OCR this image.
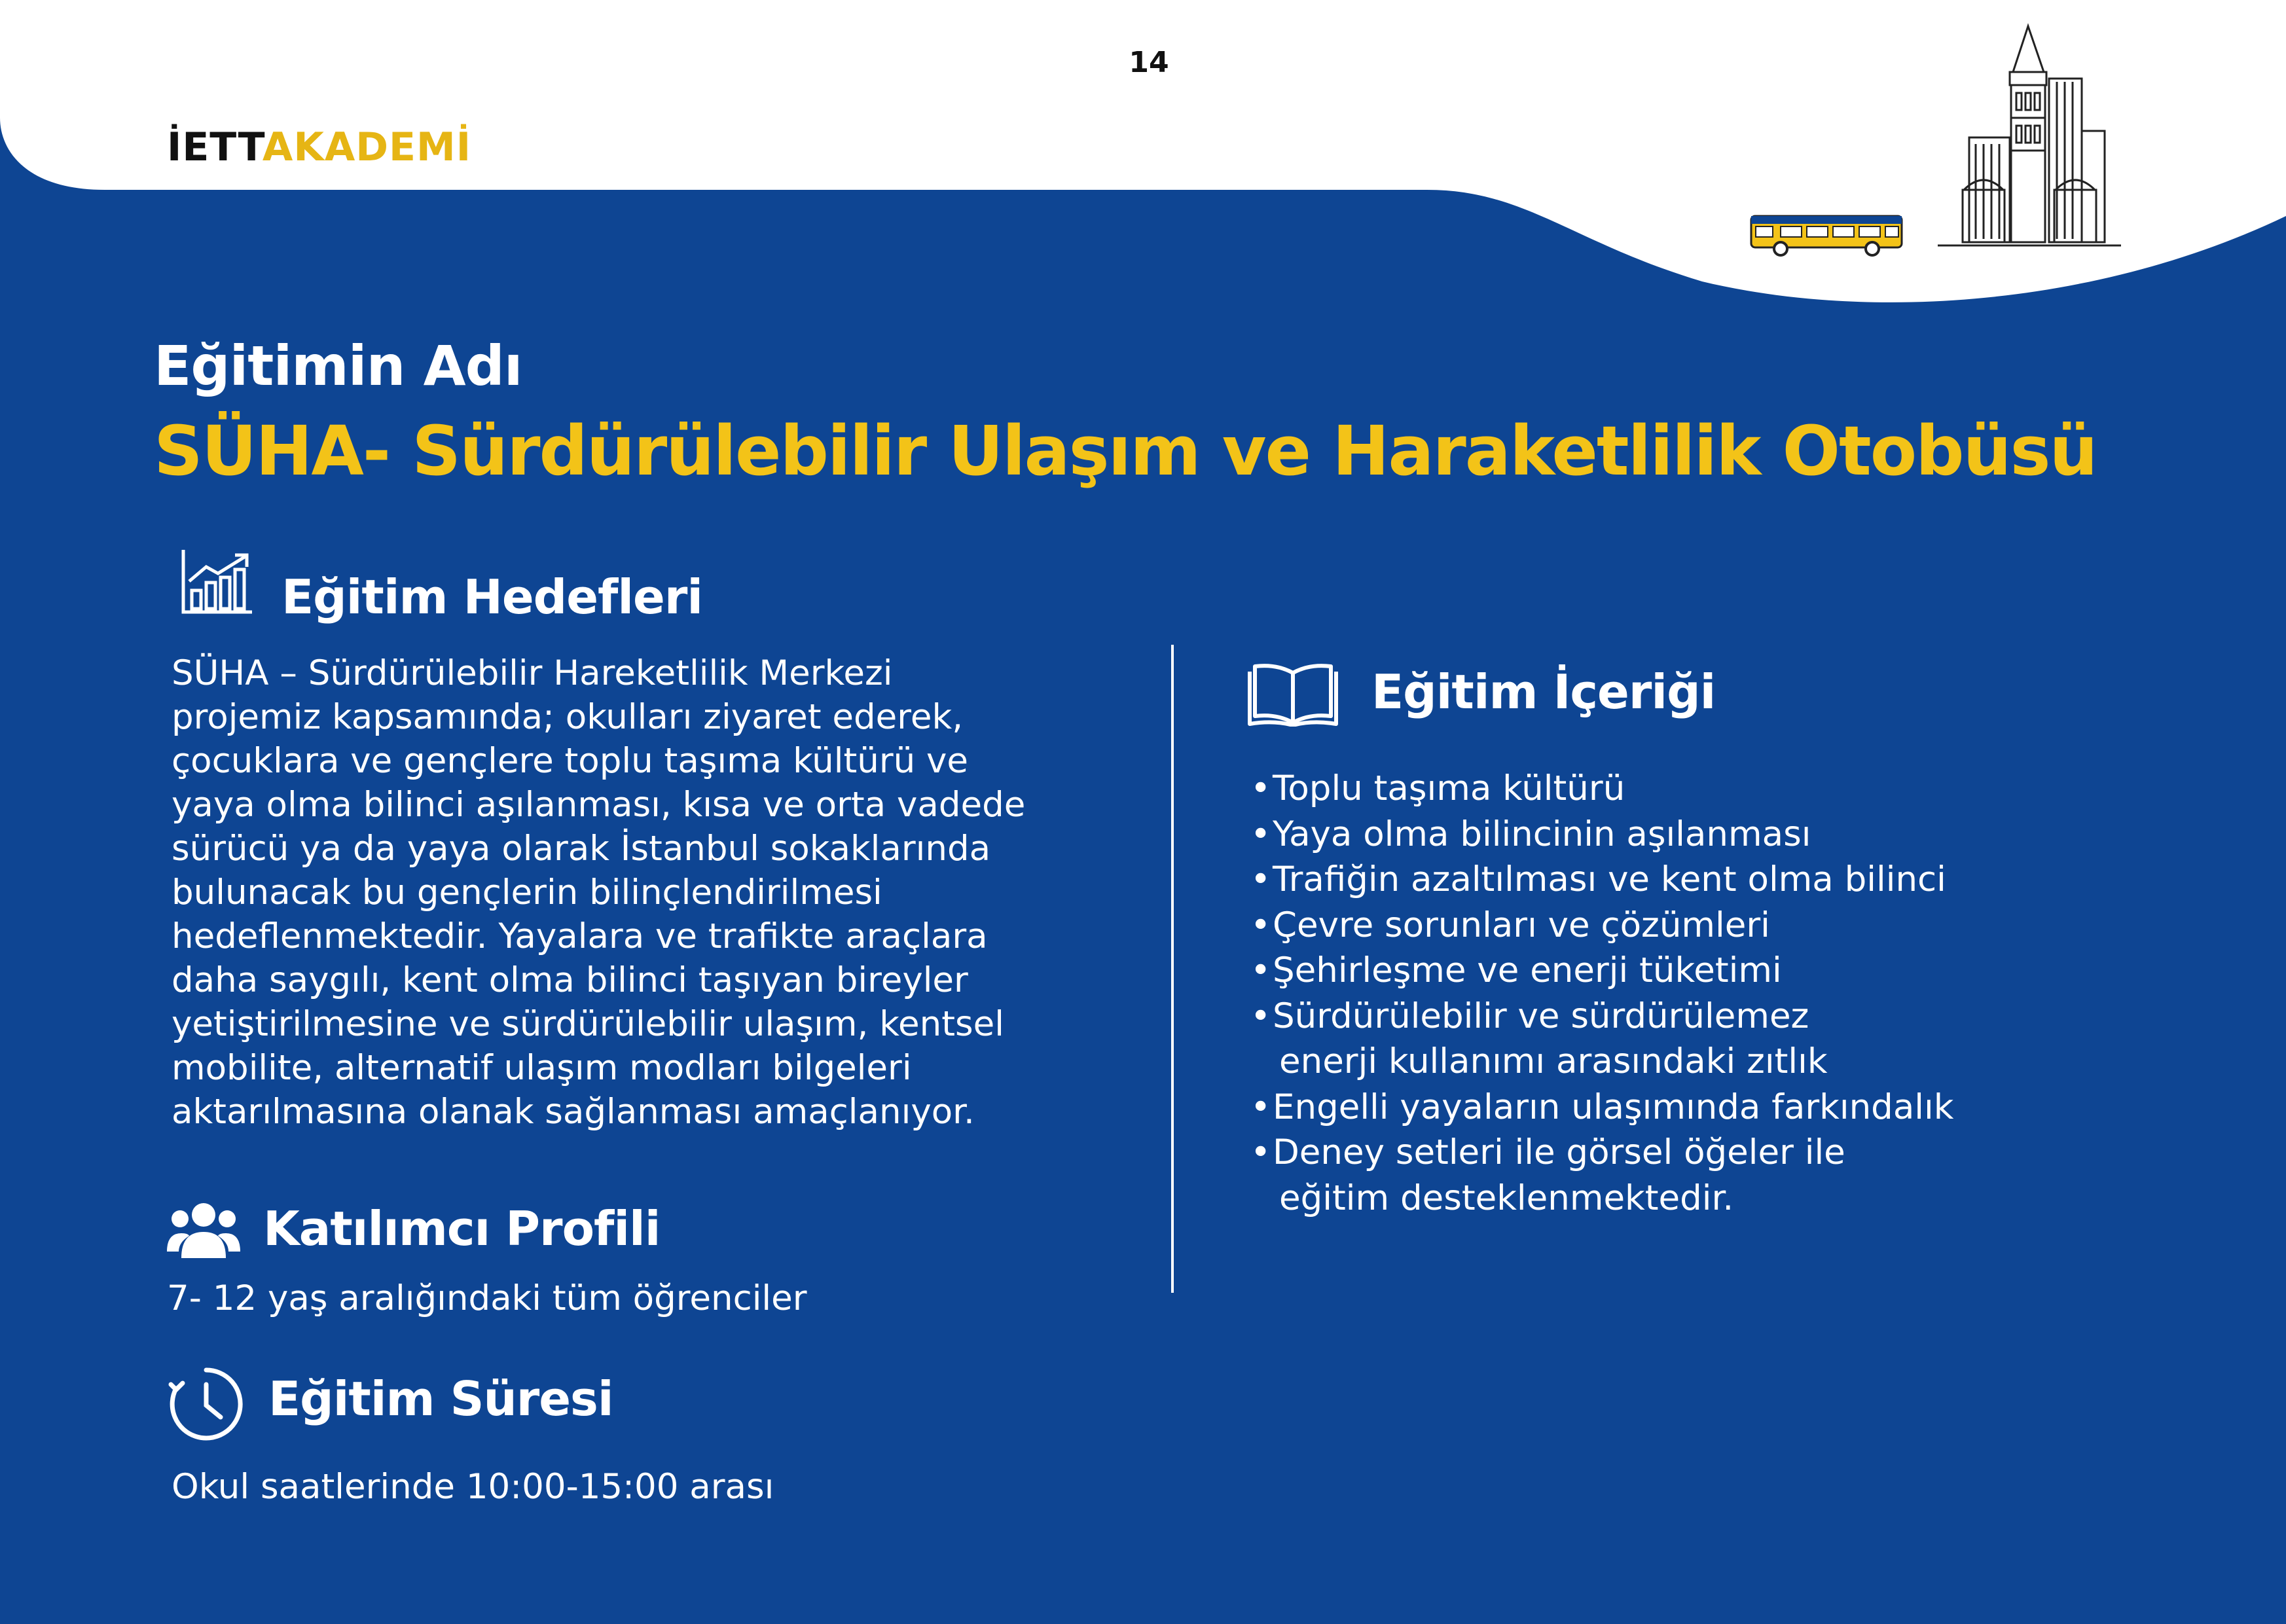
14
İETTAKADEMİ
Eğitimin Adı
SÜHA- Sürdürülebilir Ulaşım ve Haraketlilik Otobüsü
Eğitim Hedefleri
SÜHA – Sürdürülebilir Hareketlilik Merkezi
projemiz kapsamında; okulları ziyaret ederek,
çocuklara ve gençlere toplu taşıma kültürü ve
yaya olma bilinci aşılanması, kısa ve orta vadede
sürücü ya da yaya olarak İstanbul sokaklarında
bulunacak bu gençlerin bilinçlendirilmesi
hedeflenmektedir. Yayalara ve trafikte araçlara
daha saygılı, kent olma bilinci taşıyan bireyler
yetiştirilmesine ve sürdürülebilir ulaşım, kentsel
mobilite, alternatif ulaşım modları bilgeleri
aktarılmasına olanak sağlanması amaçlanıyor.
Katılımcı Profili
7- 12 yaş aralığındaki tüm öğrenciler
Eğitim Süresi
Okul saatlerinde 10:00-15:00 arası
Eğitim İçeriği
• Toplu taşıma kültürü
• Yaya olma bilincinin aşılanması
• Trafiğin azaltılması ve kent olma bilinci
• Çevre sorunları ve çözümleri
• Şehirleşme ve enerji tüketimi
• Sürdürülebilir ve sürdürülemez
enerji kullanımı arasındaki zıtlık
• Engelli yayaların ulaşımında farkındalık
• Deney setleri ile görsel öğeler ile
eğitim desteklenmektedir.
